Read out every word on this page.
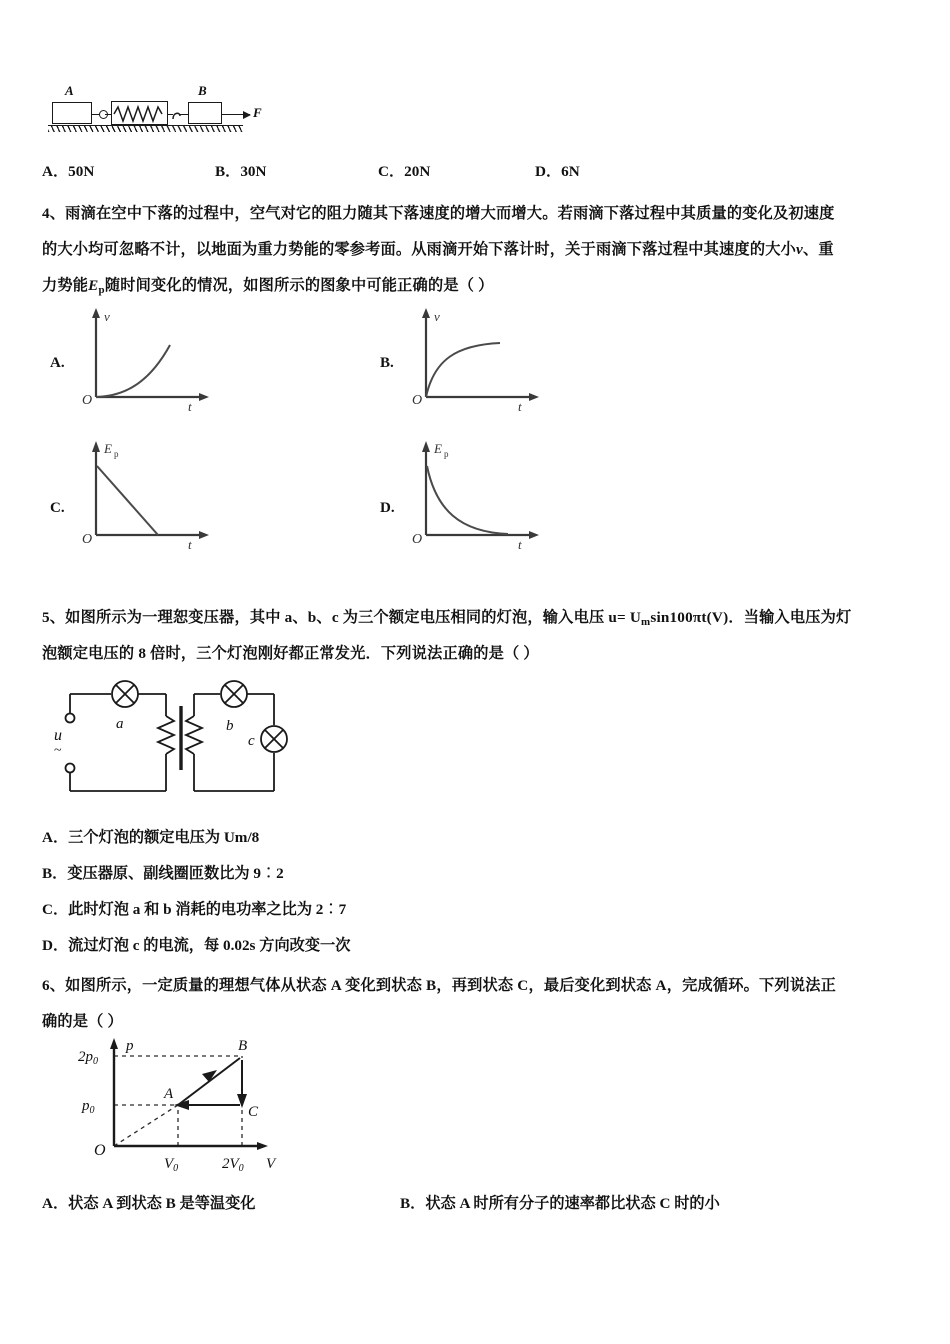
A	B
F
A．50N	B．30N	C．20N	D．6N
4、雨滴在空中下落的过程中，空气对它的阻力随其下落速度的增大而增大。若雨滴下落过程中其质量的变化及初速度
的大小均可忽略不计，以地面为重力势能的零参考面。从雨滴开始下落计时，关于雨滴下落过程中其速度的大小v、重
力势能$E_p$随时间变化的情况，如图所示的图象中可能正确的是（ ）
A.
v
O	t
B.
v
O	t
C.
E p
O	t
D.
E p
O	t
5、如图所示为一理恕变压器，其中 a、b、c 为三个额定电压相同的灯泡，输入电压 $u= U_m\sin 100\pi t(V)$．当输入电压为灯
泡额定电压的 8 倍时，三个灯泡刚好都正常发光．下列说法正确的是（ ）
a	b
c
u
~
A．三个灯泡的额定电压为 Um/8
B．变压器原、副线圈匝数比为 9︰2
C．此时灯泡 a 和 b 消耗的电功率之比为 2︰7
D．流过灯泡 c 的电流，每 0.02s 方向改变一次
6、如图所示，一定质量的理想气体从状态 A 变化到状态 B，再到状态 C，最后变化到状态 A，完成循环。下列说法正
确的是（ ）
$2p_0$
$p_0$
$V_0$	$2V_0$
p
V
O
B
A
C
A．状态 A 到状态 B 是等温变化	B．状态 A 时所有分子的速率都比状态 C 时的小
